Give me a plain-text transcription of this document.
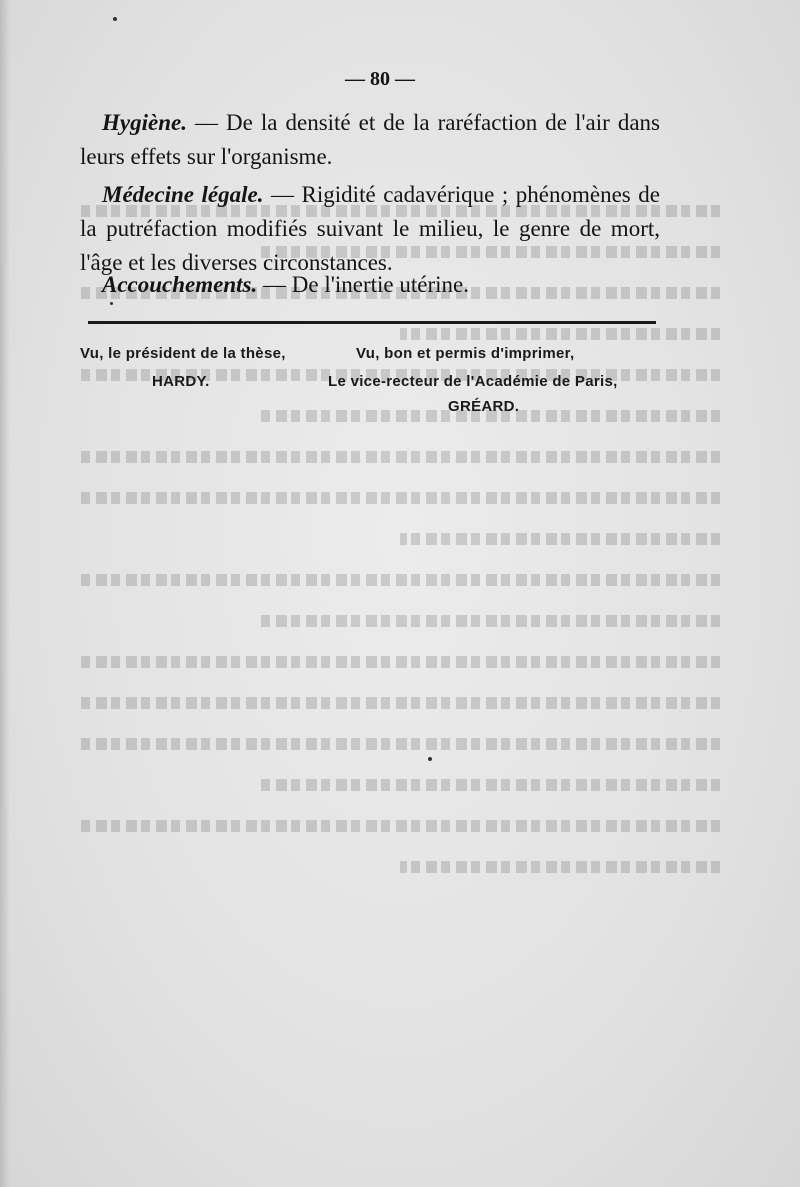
— 80 —

Hygiène. — De la densité et de la raréfaction de l'air dans leurs effets sur l'organisme.

Médecine légale. — Rigidité cadavérique ; phénomènes de la putréfaction modifiés suivant le milieu, le genre de mort, l'âge et les diverses circonstances.

Accouchements. — De l'inertie utérine.

Vu, le président de la thèse,
HARDY.
Vu, bon et permis d'imprimer,
Le vice-recteur de l'Académie de Paris,
GRÉARD.
